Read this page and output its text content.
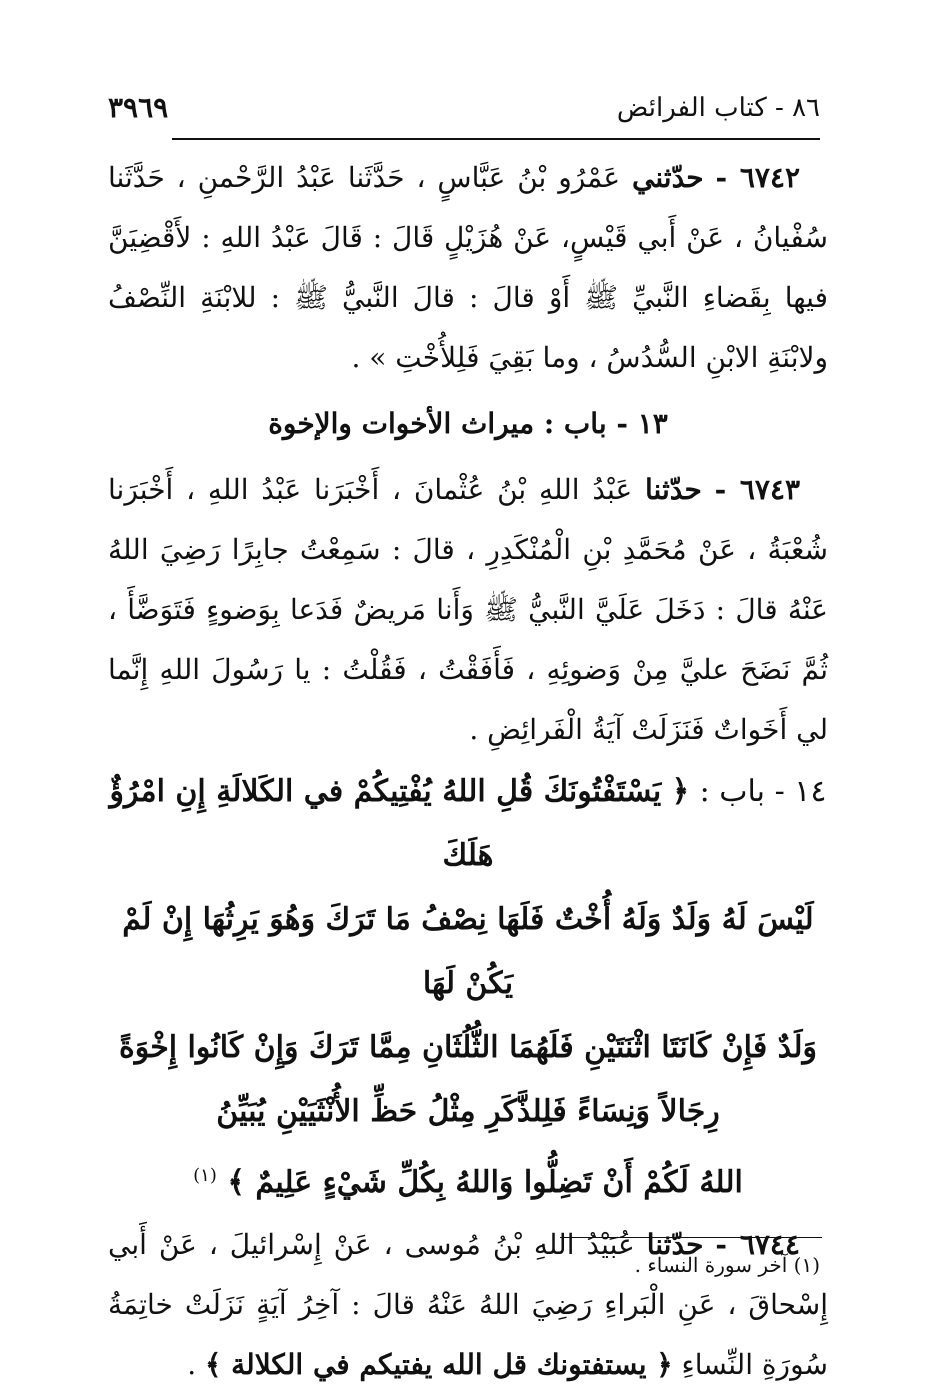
٨٦ - كتاب الفرائض
٣٩٦٩

٦٧٤٢ - حدّثني عَمْرُو بْنُ عَبَّاسٍ ، حَدَّثَنا عَبْدُ الرَّحْمنِ ، حَدَّثَنا سُفْيانُ ، عَنْ أَبي قَيْسٍ، عَنْ هُزَيْلٍ قَالَ : قَالَ عَبْدُ اللهِ : لأَقْضِيَنَّ فيها بِقَضاءِ النَّبيِّ ﷺ أَوْ قالَ : قالَ النَّبيُّ ﷺ : للابْنَةِ النِّصْفُ ولابْنَةِ الابْنِ السُّدُسُ ، وما بَقِيَ فَلِلأُخْتِ » .

١٣ - باب : ميراث الأخوات والإخوة

٦٧٤٣ - حدّثنا عَبْدُ اللهِ بْنُ عُثْمانَ ، أَخْبَرَنا عَبْدُ اللهِ ، أَخْبَرَنا شُعْبَةُ ، عَنْ مُحَمَّدِ بْنِ الْمُنْكَدِرِ ، قالَ : سَمِعْتُ جابِرًا رَضِيَ اللهُ عَنْهُ قالَ : دَخَلَ عَلَيَّ النَّبيُّ ﷺ وَأَنا مَريضٌ فَدَعا بِوَضوءٍ فَتَوَضَّأَ ، ثُمَّ نَضَحَ عليَّ مِنْ وَضوئِهِ ، فَأَفَقْتُ ، فَقُلْتُ : يا رَسُولَ اللهِ إِنَّما لي أَخَواتٌ فَنَزَلَتْ آيَةُ الْفَرائِضِ .

١٤ - باب : ﴿ يَسْتَفْتُونَكَ قُلِ اللهُ يُفْتِيكُمْ في الكَلالَةِ إِنِ امْرُؤٌ هَلَكَ
لَيْسَ لَهُ وَلَدٌ وَلَهُ أُخْتٌ فَلَهَا نِصْفُ مَا تَرَكَ وَهُوَ يَرِثُهَا إِنْ لَمْ يَكُنْ لَهَا
وَلَدٌ فَإِنْ كَانَتَا اثْنَتَيْنِ فَلَهُمَا الثُّلُثَانِ مِمَّا تَرَكَ وَإِنْ كَانُوا إِخْوَةً
رِجَالاً وَنِسَاءً فَلِلذَّكَرِ مِثْلُ حَظِّ الأُنْثَيَيْنِ يُبَيِّنُ
اللهُ لَكُمْ أَنْ تَضِلُّوا وَاللهُ بِكُلِّ شَيْءٍ عَلِيمٌ ﴾ $^{(١)}$

٦٧٤٤ - حدّثنا عُبَيْدُ اللهِ بْنُ مُوسى ، عَنْ إِسْرائيلَ ، عَنْ أَبي إِسْحاقَ ، عَنِ الْبَراءِ رَضِيَ اللهُ عَنْهُ قالَ : آخِرُ آيَةٍ نَزَلَتْ خاتِمَةُ سُورَةِ النِّساءِ ﴿ يستفتونك قل الله يفتيكم في الكلالة ﴾ .

(١) آخر سورة النساء .
